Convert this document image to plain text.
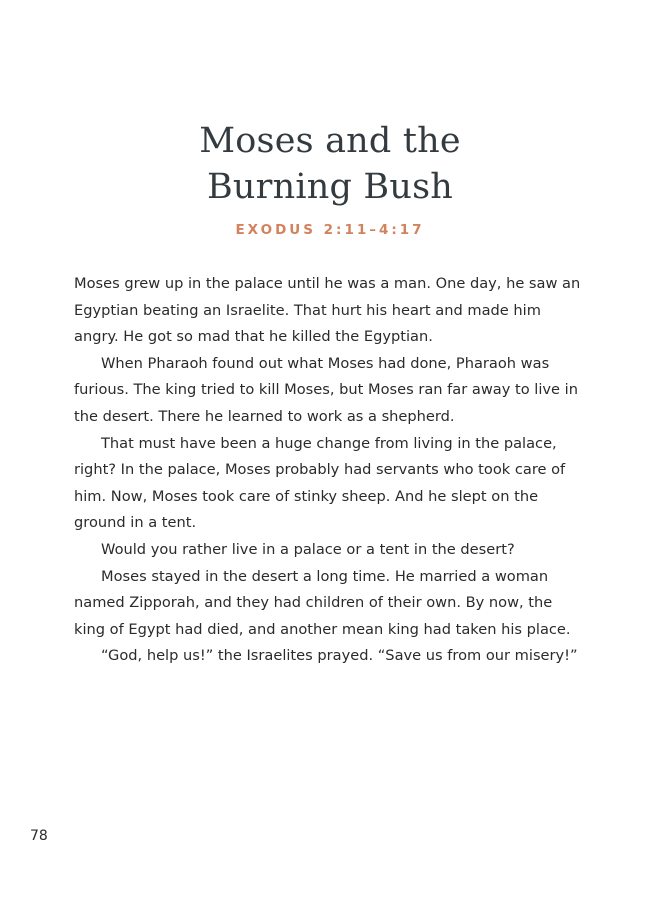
Moses and the
Burning Bush
EXODUS 2:11–4:17

Moses grew up in the palace until he was a man. One day, he saw an Egyptian beating an Israelite. That hurt his heart and made him angry. He got so mad that he killed the Egyptian.

When Pharaoh found out what Moses had done, Pharaoh was furious. The king tried to kill Moses, but Moses ran far away to live in the desert. There he learned to work as a shepherd.

That must have been a huge change from living in the palace, right? In the palace, Moses probably had servants who took care of him. Now, Moses took care of stinky sheep. And he slept on the ground in a tent.

Would you rather live in a palace or a tent in the desert?

Moses stayed in the desert a long time. He married a woman named Zipporah, and they had children of their own. By now, the king of Egypt had died, and another mean king had taken his place.

“God, help us!” the Israelites prayed. “Save us from our misery!”

78
